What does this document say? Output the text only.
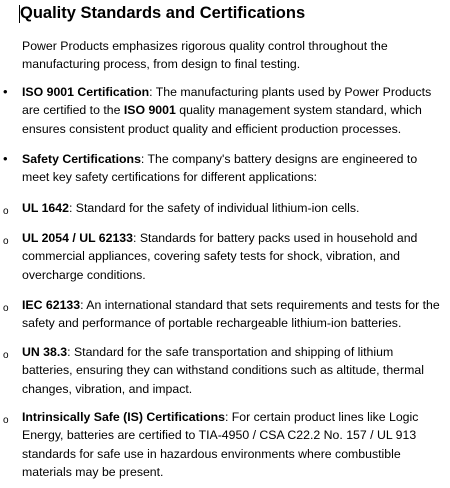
Quality Standards and Certifications
Power Products emphasizes rigorous quality control throughout the manufacturing process, from design to final testing.
• ISO 9001 Certification: The manufacturing plants used by Power Products are certified to the ISO 9001 quality management system standard, which ensures consistent product quality and efficient production processes.
• Safety Certifications: The company's battery designs are engineered to meet key safety certifications for different applications:
o UL 1642: Standard for the safety of individual lithium-ion cells.
o UL 2054 / UL 62133: Standards for battery packs used in household and commercial appliances, covering safety tests for shock, vibration, and overcharge conditions.
o IEC 62133: An international standard that sets requirements and tests for the safety and performance of portable rechargeable lithium-ion batteries.
o UN 38.3: Standard for the safe transportation and shipping of lithium batteries, ensuring they can withstand conditions such as altitude, thermal changes, vibration, and impact.
o Intrinsically Safe (IS) Certifications: For certain product lines like Logic Energy, batteries are certified to TIA-4950 / CSA C22.2 No. 157 / UL 913 standards for safe use in hazardous environments where combustible materials may be present.
